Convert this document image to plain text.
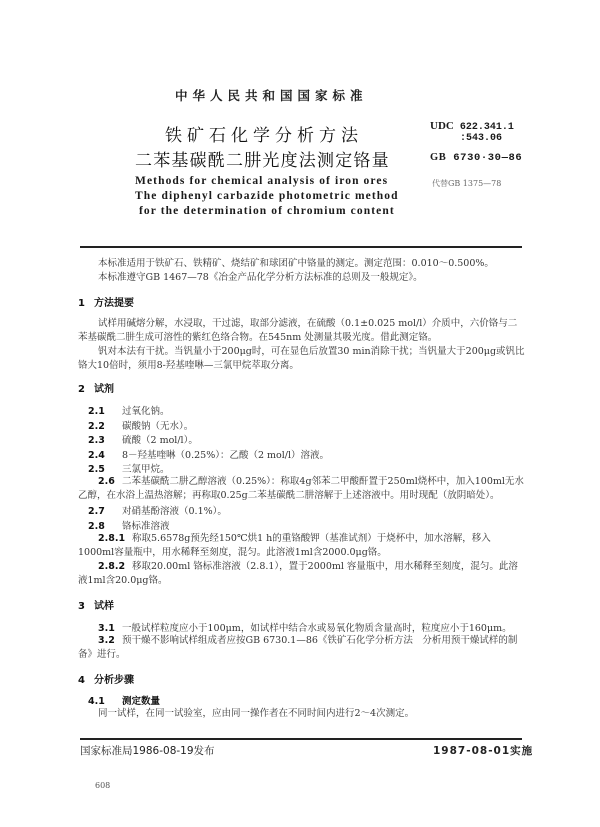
中华人民共和国国家标准
铁矿石化学分析方法
二苯基碳酰二肼光度法测定铬量
UDC 622.341.1
:543.06
GB 6730·30—86
Methods for chemical analysis of iron ores
The diphenyl carbazide photometric method
for the determination of chromium content
代替GB 1375—78
本标准适用于铁矿石、铁精矿、烧结矿和球团矿中铬量的测定。测定范围：0.010～0.500%。
本标准遵守GB 1467—78《冶金产品化学分析方法标准的总则及一般规定》。
1 方法提要
试样用碱熔分解，水浸取，干过滤，取部分滤液，在硫酸（0.1±0.025 mol/l）介质中，六价铬与二苯基碳酰二肼生成可溶性的紫红色络合物。在545nm 处测量其吸光度。借此测定铬。
钒对本法有干扰。当钒量小于200μg时，可在显色后放置30 min消除干扰；当钒量大于200μg或钒比铬大10倍时，须用8-羟基喹啉—三氯甲烷萃取分离。
2 试剂
2.1 过氧化钠。
2.2 碳酸钠（无水）。
2.3 硫酸（2 mol/l）。
2.4 8－羟基喹啉（0.25%）：乙酸（2 mol/l）溶液。
2.5 三氯甲烷。
2.6 二苯基碳酰二肼乙醇溶液（0.25%）：称取4g邻苯二甲酸酐置于250ml烧杯中，加入100ml无水乙醇，在水浴上温热溶解；再称取0.25g二苯基碳酰二肼溶解于上述溶液中。用时现配（放阴暗处）。
2.7 对硝基酚溶液（0.1%）。
2.8 铬标准溶液
2.8.1 称取5.6578g预先经150℃烘1 h的重铬酸钾（基准试剂）于烧杯中，加水溶解，移入1000ml容量瓶中，用水稀释至刻度，混匀。此溶液1ml含2000.0μg铬。
2.8.2 移取20.00ml 铬标准溶液（2.8.1），置于2000ml 容量瓶中，用水稀释至刻度，混匀。此溶液1ml含20.0μg铬。
3 试样
3.1 一般试样粒度应小于100μm，如试样中结合水或易氧化物质含量高时，粒度应小于160μm。
3.2 预干燥不影响试样组成者应按GB 6730.1—86《铁矿石化学分析方法　分析用预干燥试样的制备》进行。
4 分析步骤
4.1 测定数量
同一试样，在同一试验室，应由同一操作者在不同时间内进行2～4次测定。
国家标准局1986-08-19发布	1987-08-01实施
608
